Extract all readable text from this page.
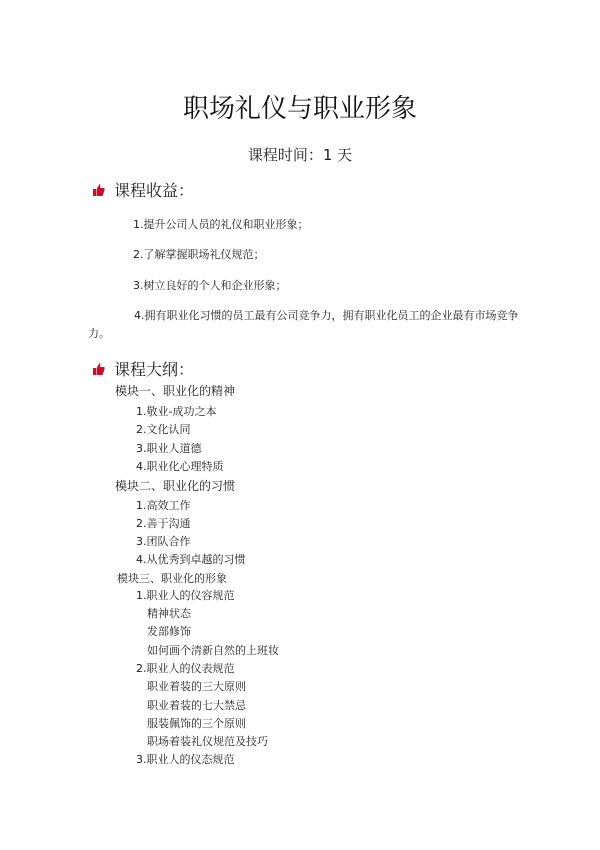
职场礼仪与职业形象
课程时间：1 天
课程收益：
1.提升公司人员的礼仪和职业形象；
2.了解掌握职场礼仪规范；
3.树立良好的个人和企业形象；
4.拥有职业化习惯的员工最有公司竞争力，拥有职业化员工的企业最有市场竞争
力。
课程大纲：
模块一、职业化的精神
1.敬业-成功之本
2.文化认同
3.职业人道德
4.职业化心理特质
模块二、职业化的习惯
1.高效工作
2.善于沟通
3.团队合作
4.从优秀到卓越的习惯
模块三、职业化的形象
1.职业人的仪容规范
精神状态
发部修饰
如何画个清新自然的上班妆
2.职业人的仪表规范
职业着装的三大原则
职业着装的七大禁忌
服装佩饰的三个原则
职场着装礼仪规范及技巧
3.职业人的仪态规范
